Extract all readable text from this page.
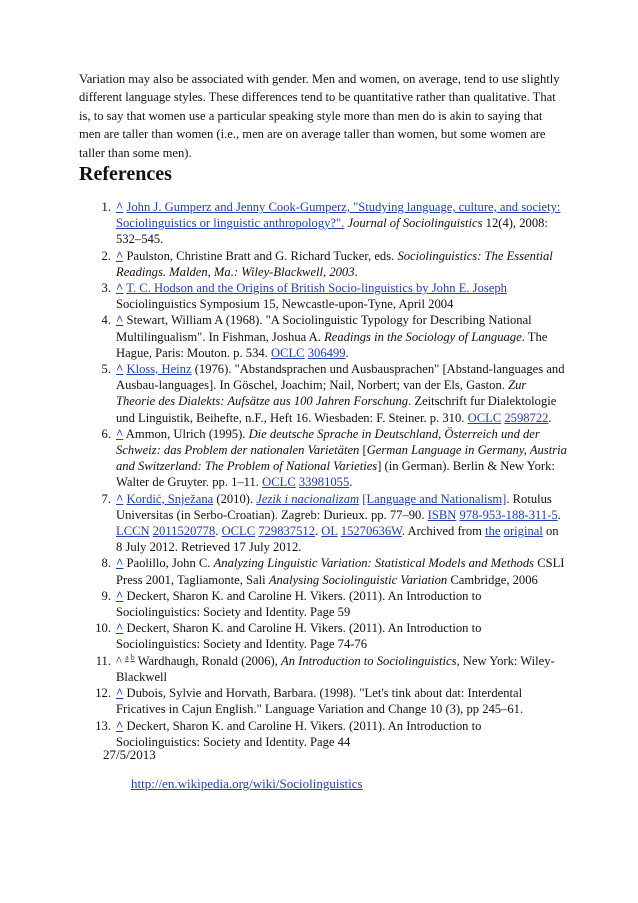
Variation may also be associated with gender. Men and women, on average, tend to use slightly different language styles. These differences tend to be quantitative rather than qualitative. That is, to say that women use a particular speaking style more than men do is akin to saying that men are taller than women (i.e., men are on average taller than women, but some women are taller than some men).

References
1. ^ John J. Gumperz and Jenny Cook-Gumperz, "Studying language, culture, and society: Sociolinguistics or linguistic anthropology?". Journal of Sociolinguistics 12(4), 2008: 532–545.
2. ^ Paulston, Christine Bratt and G. Richard Tucker, eds. Sociolinguistics: The Essential Readings. Malden, Ma.: Wiley-Blackwell, 2003.
3. ^ T. C. Hodson and the Origins of British Socio-linguistics by John E. Joseph
Sociolinguistics Symposium 15, Newcastle-upon-Tyne, April 2004
4. ^ Stewart, William A (1968). "A Sociolinguistic Typology for Describing National Multilingualism". In Fishman, Joshua A. Readings in the Sociology of Language. The Hague, Paris: Mouton. p. 534. OCLC 306499.
5. ^ Kloss, Heinz (1976). "Abstandsprachen und Ausbausprachen" [Abstand-languages and Ausbau-languages]. In Göschel, Joachim; Nail, Norbert; van der Els, Gaston. Zur Theorie des Dialekts: Aufsätze aus 100 Jahren Forschung. Zeitschrift fur Dialektologie und Linguistik, Beihefte, n.F., Heft 16. Wiesbaden: F. Steiner. p. 310. OCLC 2598722.
6. ^ Ammon, Ulrich (1995). Die deutsche Sprache in Deutschland, Österreich und der Schweiz: das Problem der nationalen Varietäten [German Language in Germany, Austria and Switzerland: The Problem of National Varieties] (in German). Berlin & New York: Walter de Gruyter. pp. 1–11. OCLC 33981055.
7. ^ Kordić, Snježana (2010). Jezik i nacionalizam [Language and Nationalism]. Rotulus Universitas (in Serbo-Croatian). Zagreb: Durieux. pp. 77–90. ISBN 978-953-188-311-5. LCCN 2011520778. OCLC 729837512. OL 15270636W. Archived from the original on 8 July 2012. Retrieved 17 July 2012.
8. ^ Paolillo, John C. Analyzing Linguistic Variation: Statistical Models and Methods CSLI Press 2001, Tagliamonte, Sali Analysing Sociolinguistic Variation Cambridge, 2006
9. ^ Deckert, Sharon K. and Caroline H. Vikers. (2011). An Introduction to Sociolinguistics: Society and Identity. Page 59
10. ^ Deckert, Sharon K. and Caroline H. Vikers. (2011). An Introduction to Sociolinguistics: Society and Identity. Page 74-76
11. ^ $^{a b}$ Wardhaugh, Ronald (2006), An Introduction to Sociolinguistics, New York: Wiley-Blackwell
12. ^ Dubois, Sylvie and Horvath, Barbara. (1998). "Let's tink about dat: Interdental Fricatives in Cajun English." Language Variation and Change 10 (3), pp 245–61.
13. ^ Deckert, Sharon K. and Caroline H. Vikers. (2011). An Introduction to Sociolinguistics: Society and Identity. Page 44
27/5/2013
http://en.wikipedia.org/wiki/Sociolinguistics
